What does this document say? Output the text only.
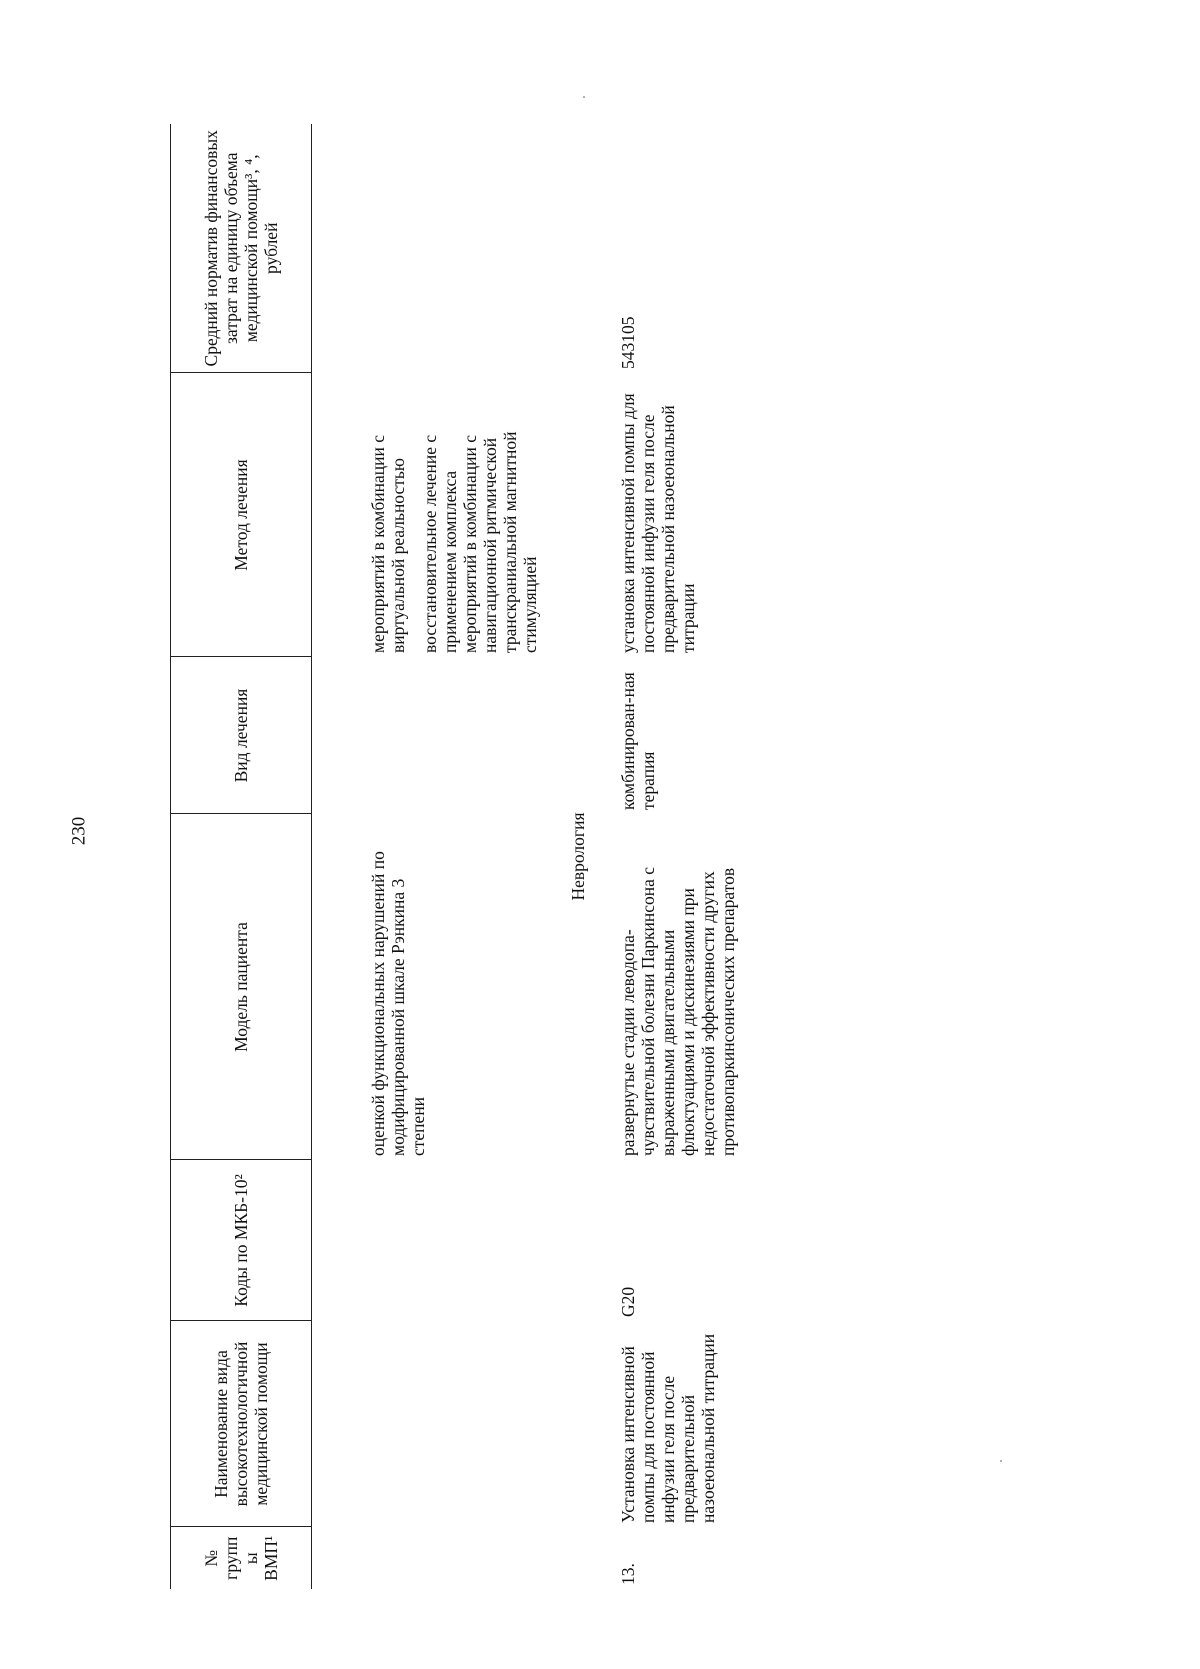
230
№ групп ы ВМП¹	Наименование вида высокотехнологичной медицинской помощи	Коды по МКБ-10²	Модель пациента	Вид лечения	Метод лечения	Средний норматив финансовых затрат на единицу объема медицинской помощи³, ⁴, рублей
			оценкой функциональных нарушений по модифицированной шкале Рэнкина 3 степени		мероприятий в комбинации с виртуальной реальностью восстановительное лечение с применением комплекса мероприятий в комбинации с навигационной ритмической транскраниальной магнитной стимуляцией	

Неврология						
13.	Установка интенсивной помпы для постоянной инфузии геля после предварительной назоеюнальной титрации	G20	развернутые стадии леводопа-чувствительной болезни Паркинсона с выраженными двигательными флюктуациями и дискинезиями при недостаточной эффективности других противопаркинсонических препаратов	комбинирован-ная терапия	установка интенсивной помпы для постоянной инфузии геля после предварительной назоеюнальной титрации	543105
